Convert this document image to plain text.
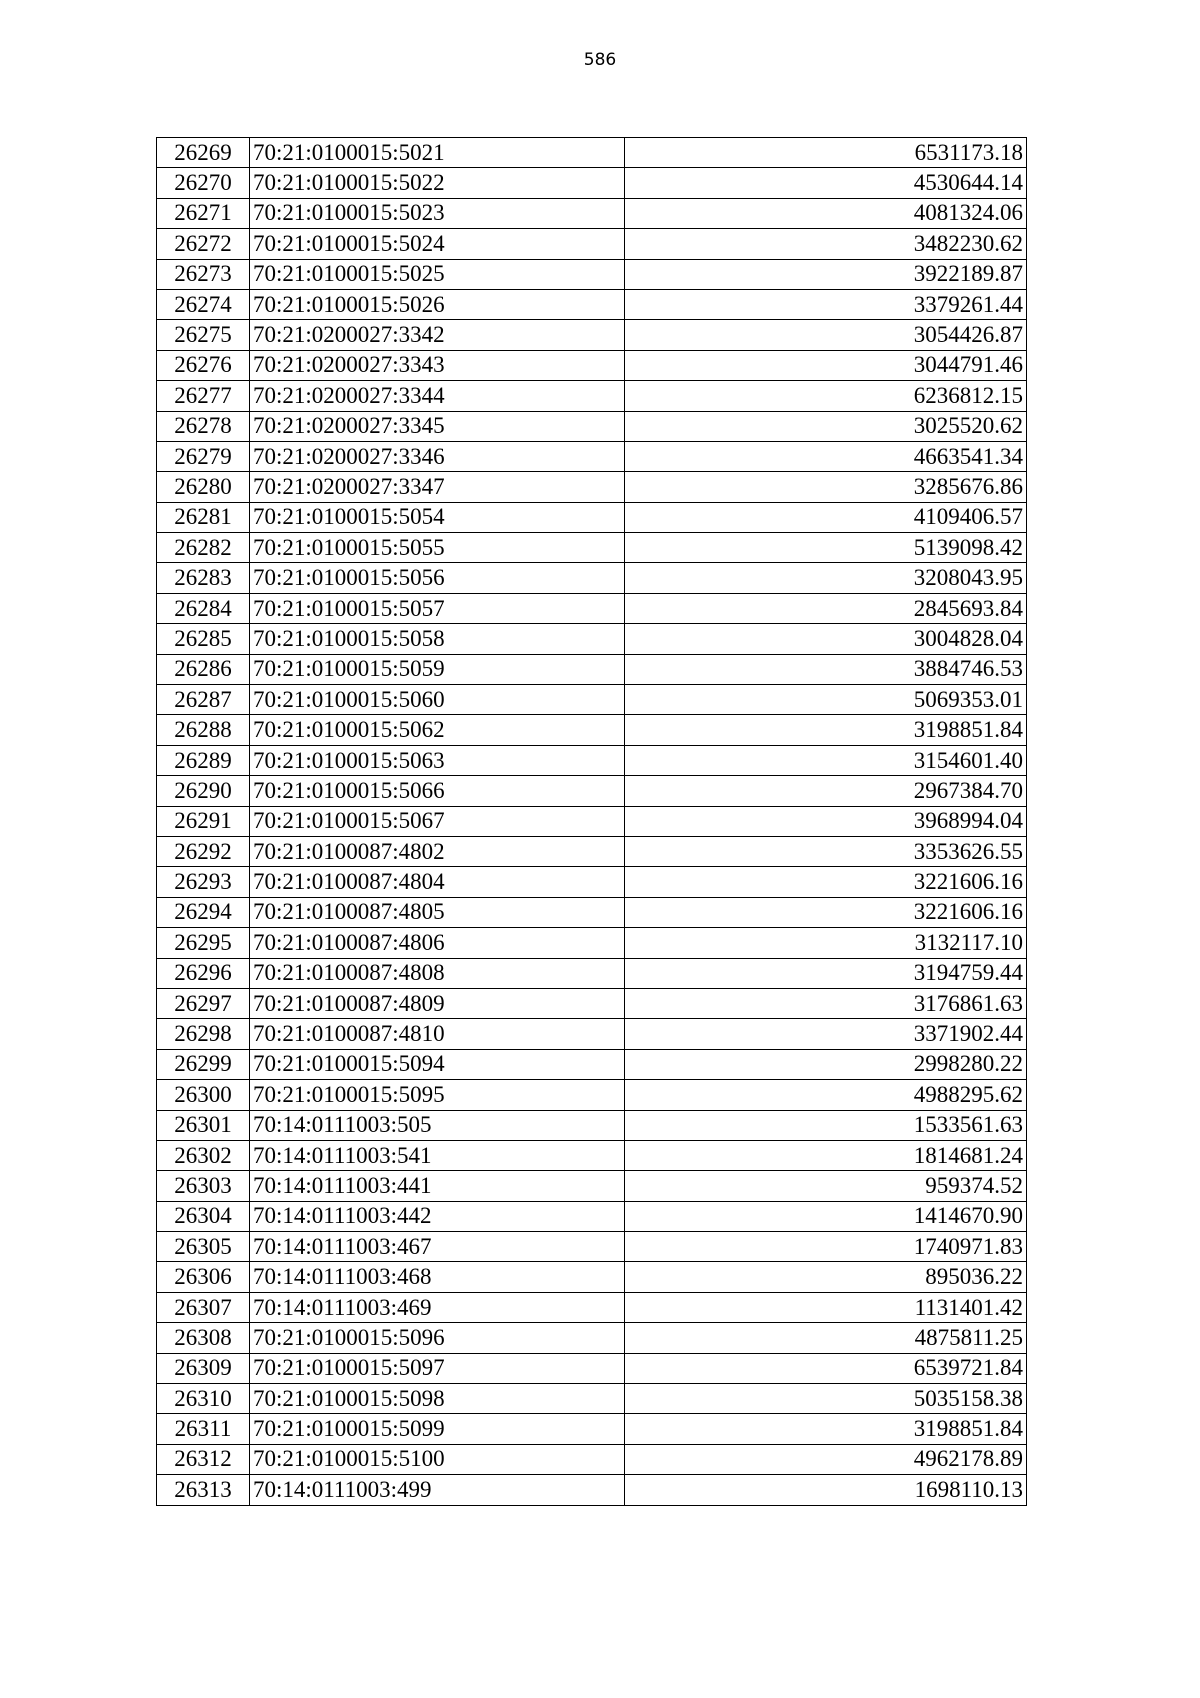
586
26269	70:21:0100015:5021	6531173.18
26270	70:21:0100015:5022	4530644.14
26271	70:21:0100015:5023	4081324.06
26272	70:21:0100015:5024	3482230.62
26273	70:21:0100015:5025	3922189.87
26274	70:21:0100015:5026	3379261.44
26275	70:21:0200027:3342	3054426.87
26276	70:21:0200027:3343	3044791.46
26277	70:21:0200027:3344	6236812.15
26278	70:21:0200027:3345	3025520.62
26279	70:21:0200027:3346	4663541.34
26280	70:21:0200027:3347	3285676.86
26281	70:21:0100015:5054	4109406.57
26282	70:21:0100015:5055	5139098.42
26283	70:21:0100015:5056	3208043.95
26284	70:21:0100015:5057	2845693.84
26285	70:21:0100015:5058	3004828.04
26286	70:21:0100015:5059	3884746.53
26287	70:21:0100015:5060	5069353.01
26288	70:21:0100015:5062	3198851.84
26289	70:21:0100015:5063	3154601.40
26290	70:21:0100015:5066	2967384.70
26291	70:21:0100015:5067	3968994.04
26292	70:21:0100087:4802	3353626.55
26293	70:21:0100087:4804	3221606.16
26294	70:21:0100087:4805	3221606.16
26295	70:21:0100087:4806	3132117.10
26296	70:21:0100087:4808	3194759.44
26297	70:21:0100087:4809	3176861.63
26298	70:21:0100087:4810	3371902.44
26299	70:21:0100015:5094	2998280.22
26300	70:21:0100015:5095	4988295.62
26301	70:14:0111003:505	1533561.63
26302	70:14:0111003:541	1814681.24
26303	70:14:0111003:441	959374.52
26304	70:14:0111003:442	1414670.90
26305	70:14:0111003:467	1740971.83
26306	70:14:0111003:468	895036.22
26307	70:14:0111003:469	1131401.42
26308	70:21:0100015:5096	4875811.25
26309	70:21:0100015:5097	6539721.84
26310	70:21:0100015:5098	5035158.38
26311	70:21:0100015:5099	3198851.84
26312	70:21:0100015:5100	4962178.89
26313	70:14:0111003:499	1698110.13
